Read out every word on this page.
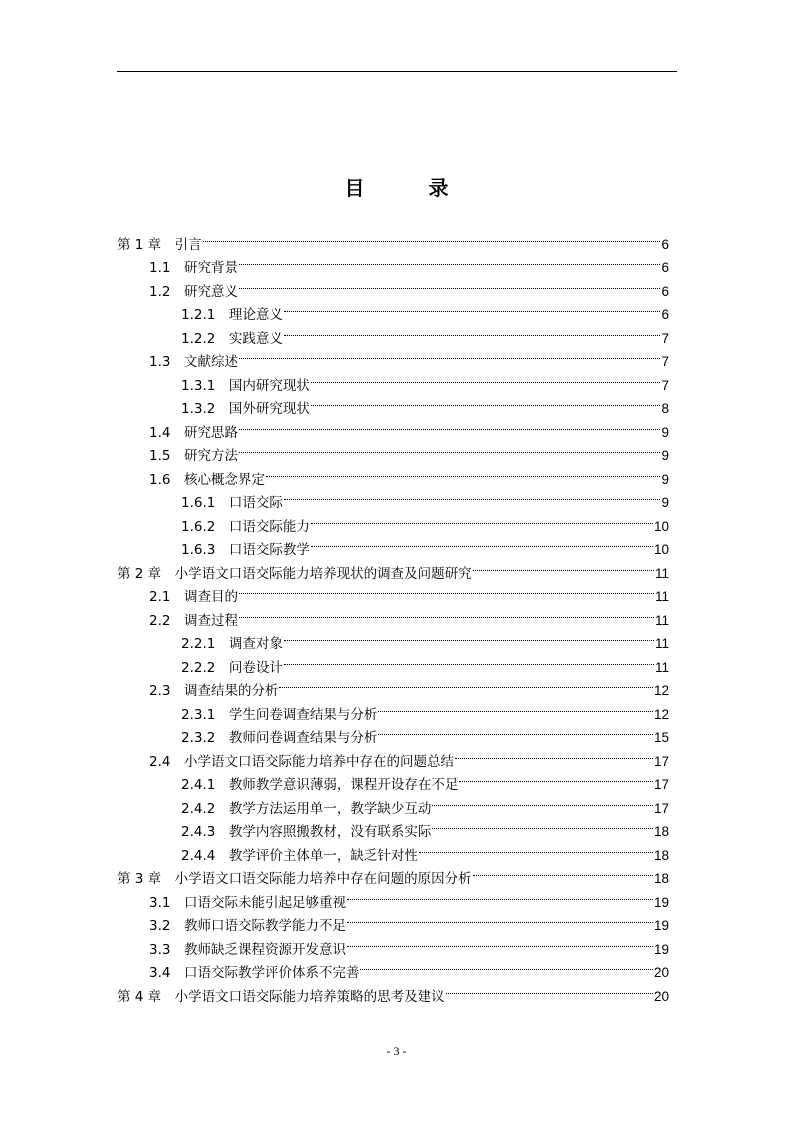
目　录
第 1 章　引言	6
1.1　研究背景	6
1.2　研究意义	6
1.2.1　理论意义	6
1.2.2　实践意义	7
1.3　文献综述	7
1.3.1　国内研究现状	7
1.3.2　国外研究现状	8
1.4　研究思路	9
1.5　研究方法	9
1.6　核心概念界定	9
1.6.1　口语交际	9
1.6.2　口语交际能力	10
1.6.3　口语交际教学	10
第 2 章　小学语文口语交际能力培养现状的调查及问题研究	11
2.1　调查目的	11
2.2　调查过程	11
2.2.1　调查对象	11
2.2.2　问卷设计	11
2.3　调查结果的分析	12
2.3.1　学生问卷调查结果与分析	12
2.3.2　教师问卷调查结果与分析	15
2.4　小学语文口语交际能力培养中存在的问题总结	17
2.4.1　教师教学意识薄弱，课程开设存在不足	17
2.4.2　教学方法运用单一，教学缺少互动	17
2.4.3　教学内容照搬教材，没有联系实际	18
2.4.4　教学评价主体单一，缺乏针对性	18
第 3 章　小学语文口语交际能力培养中存在问题的原因分析	18
3.1　口语交际未能引起足够重视	19
3.2　教师口语交际教学能力不足	19
3.3　教师缺乏课程资源开发意识	19
3.4　口语交际教学评价体系不完善	20
第 4 章　小学语文口语交际能力培养策略的思考及建议	20
- 3 -
